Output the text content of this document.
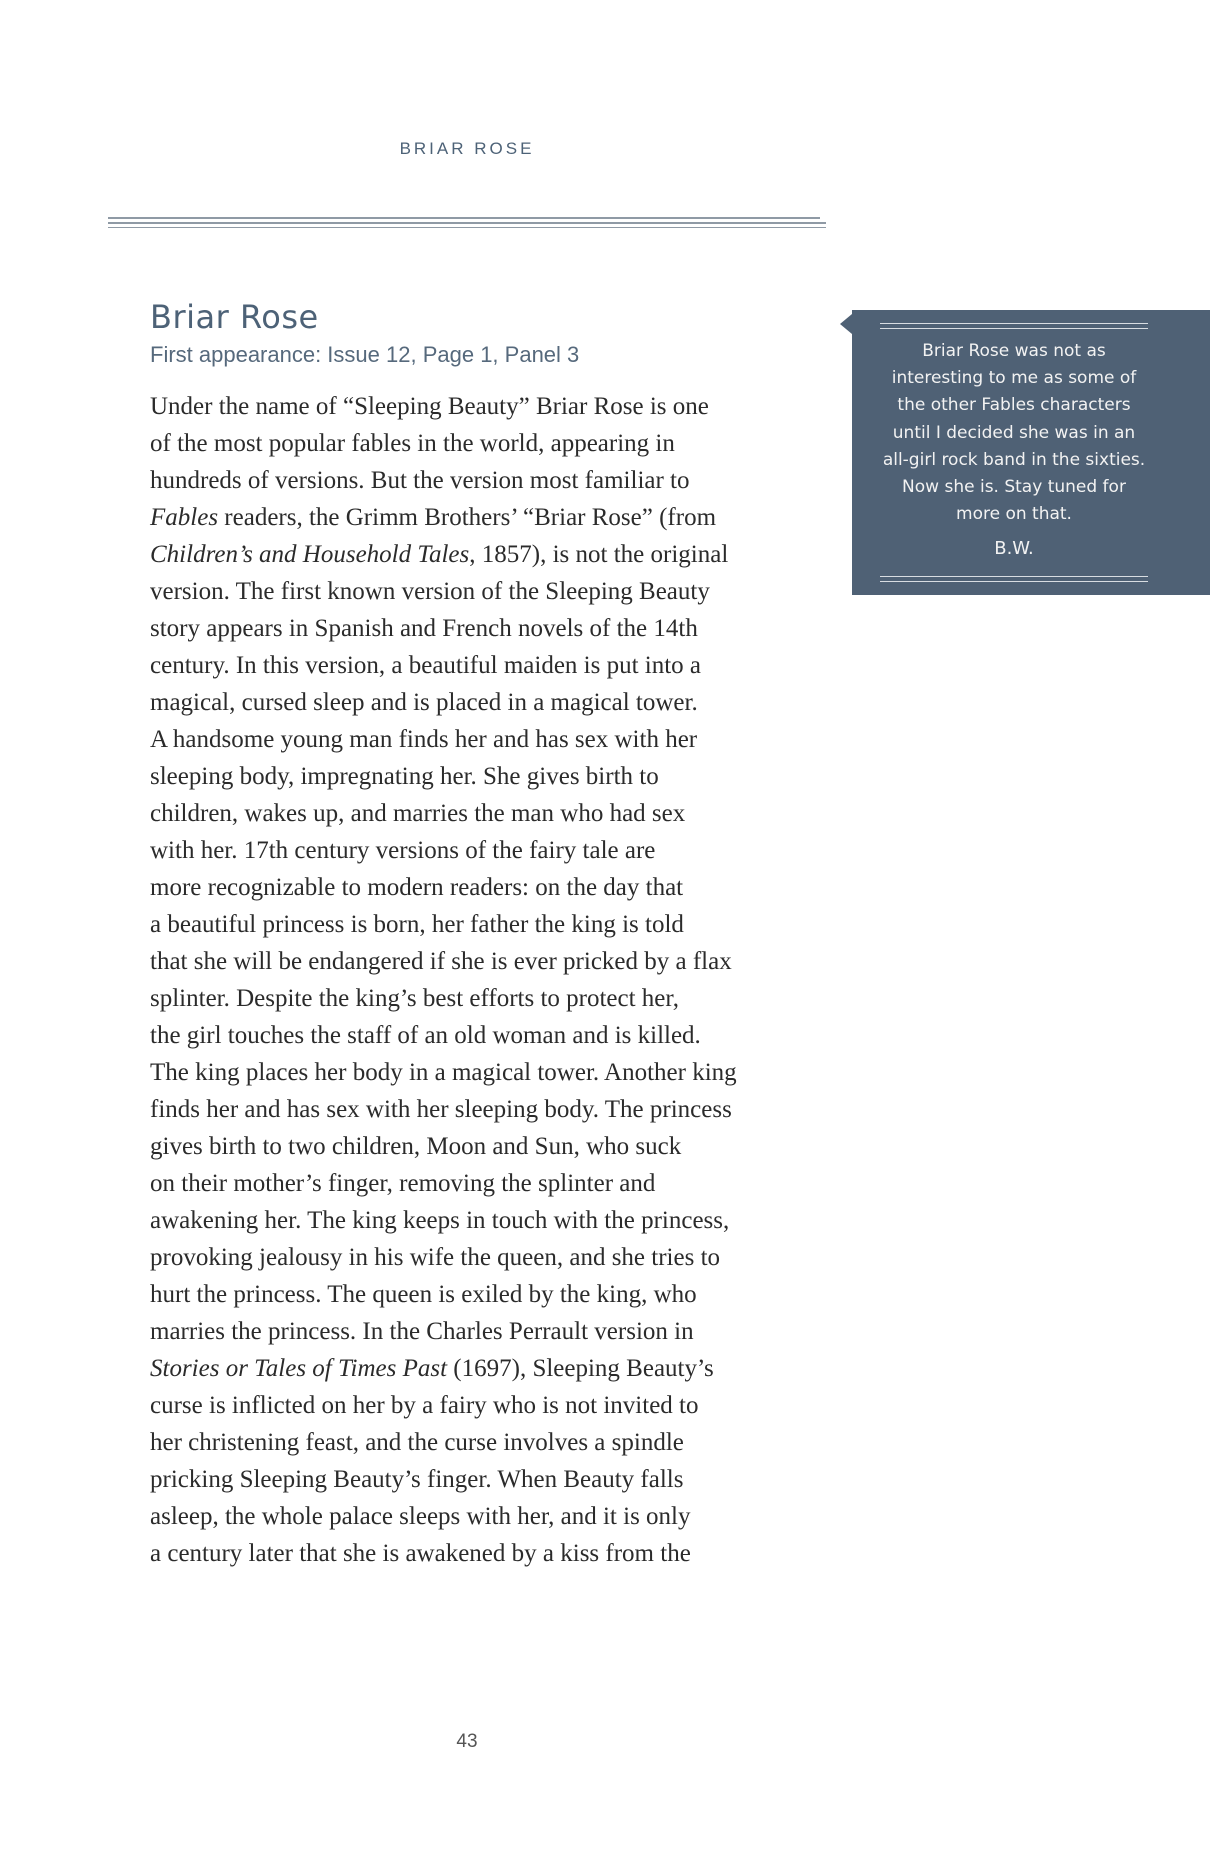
BRIAR ROSE
Briar Rose
First appearance: Issue 12, Page 1, Panel 3
Under the name of “Sleeping Beauty” Briar Rose is one
of the most popular fables in the world, appearing in
hundreds of versions. But the version most familiar to
Fables readers, the Grimm Brothers’ “Briar Rose” (from
Children’s and Household Tales, 1857), is not the original
version. The first known version of the Sleeping Beauty
story appears in Spanish and French novels of the 14th
century. In this version, a beautiful maiden is put into a
magical, cursed sleep and is placed in a magical tower.
A handsome young man finds her and has sex with her
sleeping body, impregnating her. She gives birth to
children, wakes up, and marries the man who had sex
with her. 17th century versions of the fairy tale are
more recognizable to modern readers: on the day that
a beautiful princess is born, her father the king is told
that she will be endangered if she is ever pricked by a flax
splinter. Despite the king’s best efforts to protect her,
the girl touches the staff of an old woman and is killed.
The king places her body in a magical tower. Another king
finds her and has sex with her sleeping body. The princess
gives birth to two children, Moon and Sun, who suck
on their mother’s finger, removing the splinter and
awakening her. The king keeps in touch with the princess,
provoking jealousy in his wife the queen, and she tries to
hurt the princess. The queen is exiled by the king, who
marries the princess. In the Charles Perrault version in
Stories or Tales of Times Past (1697), Sleeping Beauty’s
curse is inflicted on her by a fairy who is not invited to
her christening feast, and the curse involves a spindle
pricking Sleeping Beauty’s finger. When Beauty falls
asleep, the whole palace sleeps with her, and it is only
a century later that she is awakened by a kiss from the
Briar Rose was not as
interesting to me as some of
the other Fables characters
until I decided she was in an
all-girl rock band in the sixties.
Now she is. Stay tuned for
more on that.
B.W.
43
